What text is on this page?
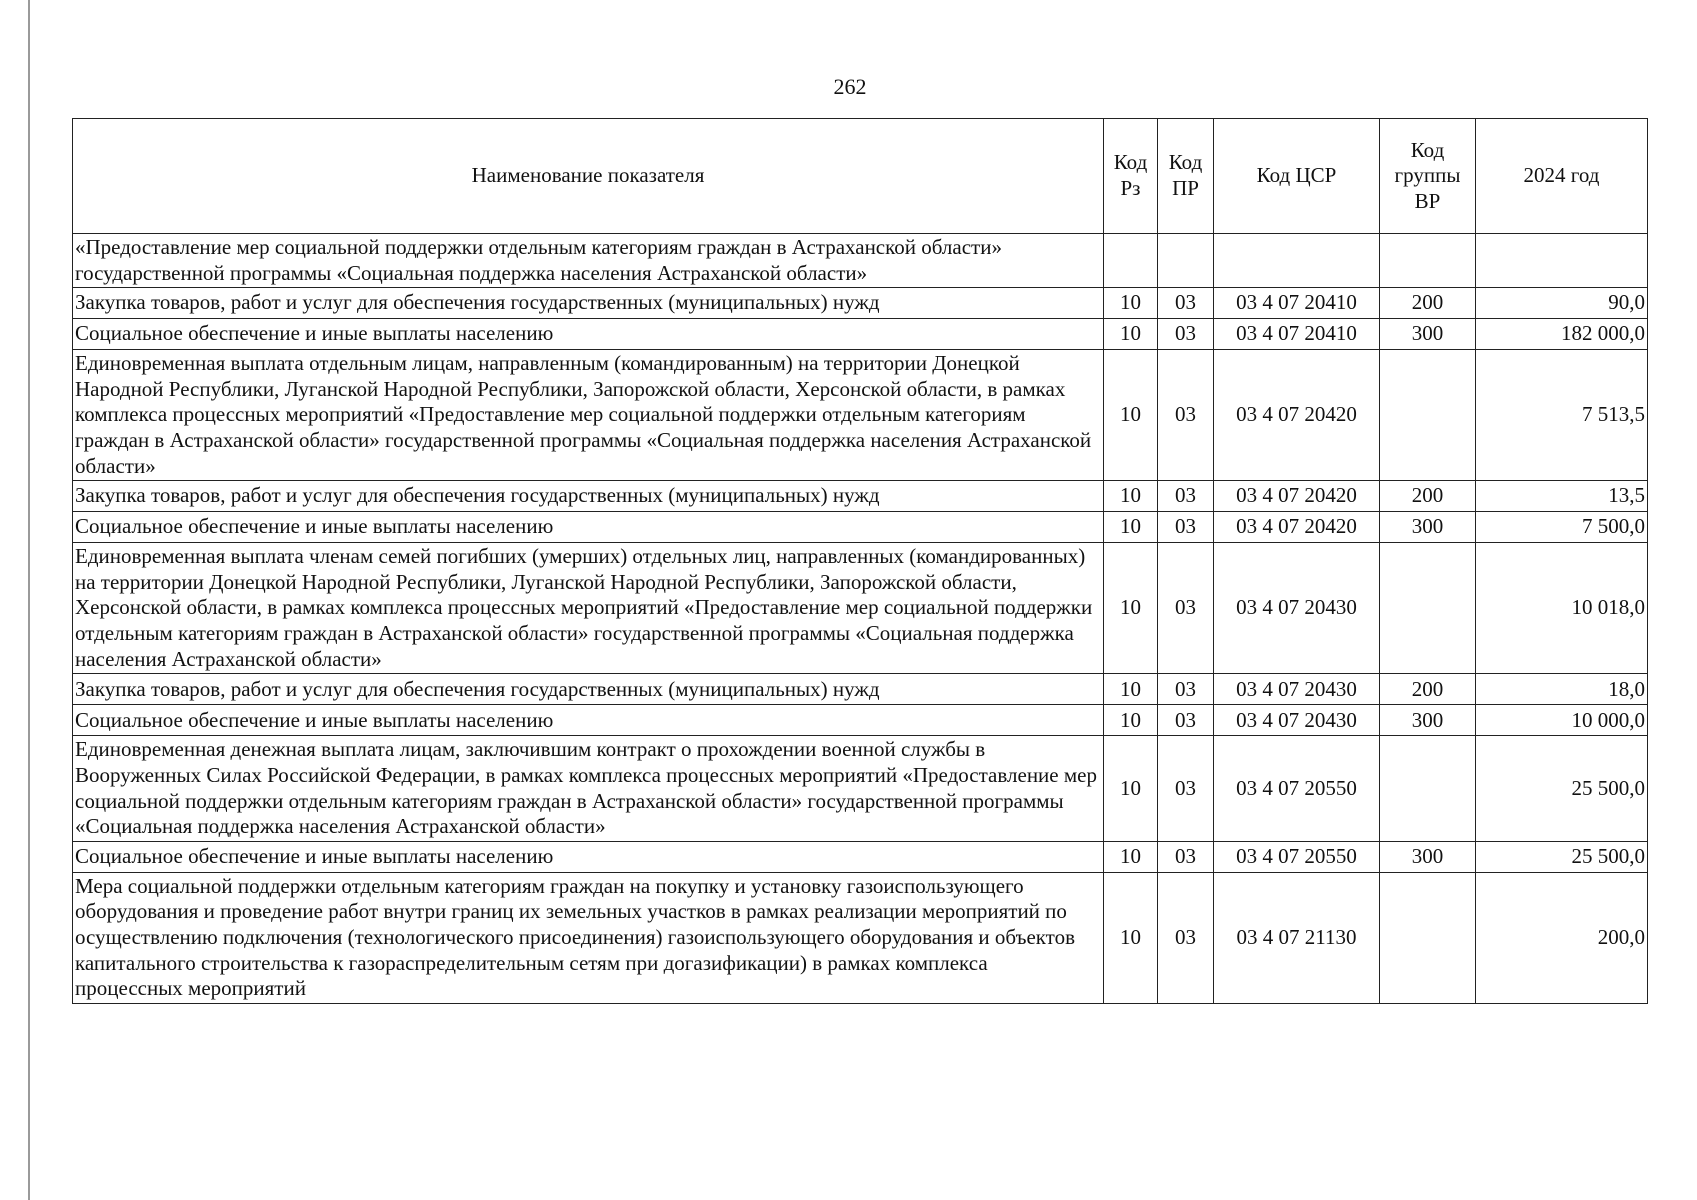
262
Наименование показателя	Код Рз	Код ПР	Код ЦСР	Код группы ВР	2024 год
«Предоставление мер социальной поддержки отдельным категориям граждан в Астраханской области» государственной программы «Социальная поддержка населения Астраханской области»					
Закупка товаров, работ и услуг для обеспечения государственных (муниципальных) нужд	10	03	03 4 07 20410	200	90,0
Социальное обеспечение и иные выплаты населению	10	03	03 4 07 20410	300	182 000,0
Единовременная выплата отдельным лицам, направленным (командированным) на территории Донецкой Народной Республики, Луганской Народной Республики, Запорожской области, Херсонской области, в рамках комплекса процессных мероприятий «Предоставление мер социальной поддержки отдельным категориям граждан в Астраханской области» государственной программы «Социальная поддержка населения Астраханской области»	10	03	03 4 07 20420		7 513,5
Закупка товаров, работ и услуг для обеспечения государственных (муниципальных) нужд	10	03	03 4 07 20420	200	13,5
Социальное обеспечение и иные выплаты населению	10	03	03 4 07 20420	300	7 500,0
Единовременная выплата членам семей погибших (умерших) отдельных лиц, направленных (командированных) на территории Донецкой Народной Республики, Луганской Народной Республики, Запорожской области, Херсонской области, в рамках комплекса процессных мероприятий «Предоставление мер социальной поддержки отдельным категориям граждан в Астраханской области» государственной программы «Социальная поддержка населения Астраханской области»	10	03	03 4 07 20430		10 018,0
Закупка товаров, работ и услуг для обеспечения государственных (муниципальных) нужд	10	03	03 4 07 20430	200	18,0
Социальное обеспечение и иные выплаты населению	10	03	03 4 07 20430	300	10 000,0
Единовременная денежная выплата лицам, заключившим контракт о прохождении военной службы в Вооруженных Силах Российской Федерации, в рамках комплекса процессных мероприятий «Предоставление мер социальной поддержки отдельным категориям граждан в Астраханской области» государственной программы «Социальная поддержка населения Астраханской области»	10	03	03 4 07 20550		25 500,0
Социальное обеспечение и иные выплаты населению	10	03	03 4 07 20550	300	25 500,0
Мера социальной поддержки отдельным категориям граждан на покупку и установку газоиспользующего оборудования и проведение работ внутри границ их земельных участков в рамках реализации мероприятий по осуществлению подключения (технологического присоединения) газоиспользующего оборудования и объектов капитального строительства к газораспределительным сетям при догазификации) в рамках комплекса процессных мероприятий	10	03	03 4 07 21130		200,0
